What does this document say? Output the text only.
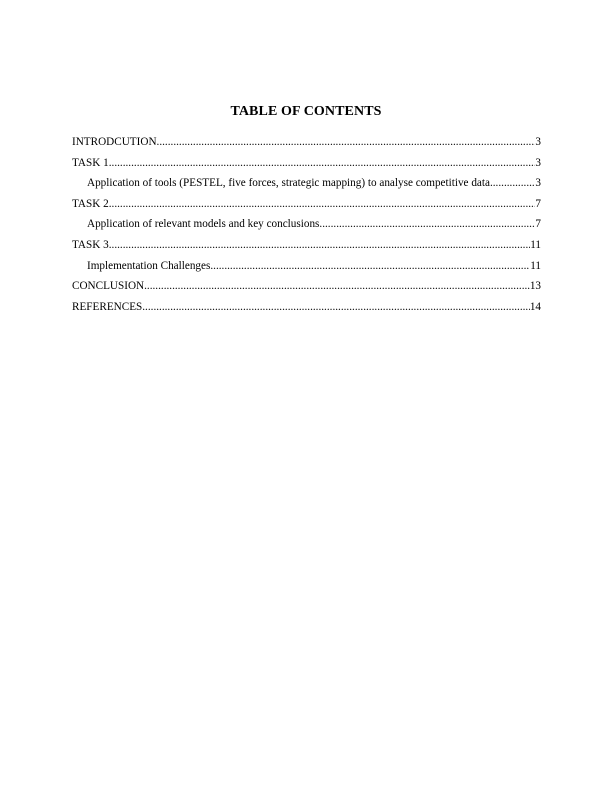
TABLE OF CONTENTS
INTRODCUTION .....	3
TASK 1 .....	3
Application of tools (PESTEL, five forces, strategic mapping) to analyse competitive data .....	3
TASK 2 .....	7
Application of relevant models and key conclusions .....	7
TASK 3 .....	11
Implementation Challenges .....	11
CONCLUSION .....	13
REFERENCES .....	14
